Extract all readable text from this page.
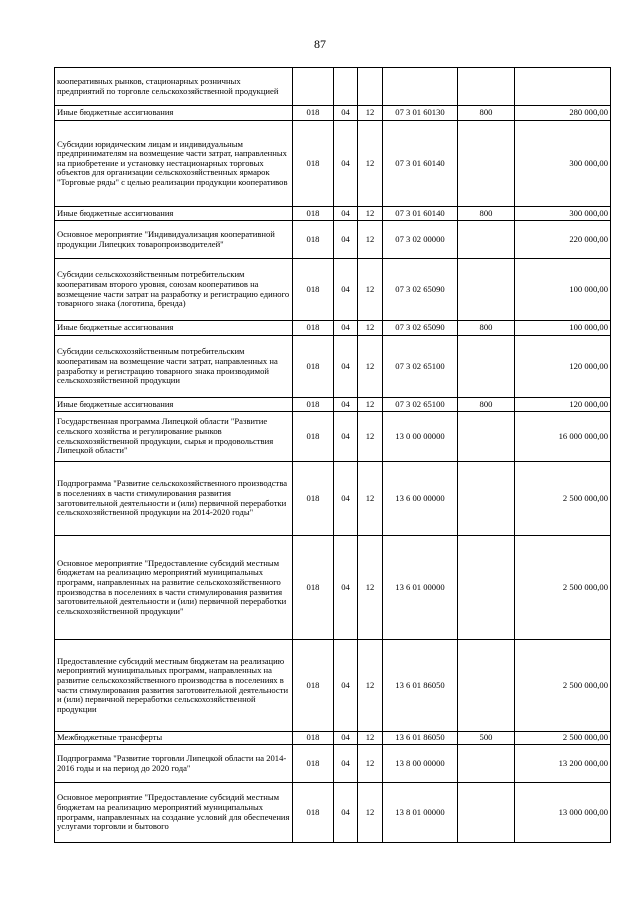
87
кооперативных рынков, стационарных розничных предприятий по торговле сельскохозяйственной продукцией						
Иные бюджетные ассигнования	018	04	12	07 3 01 60130	800	280 000,00
Субсидии юридическим лицам и индивидуальным предпринимателям на возмещение части затрат, направленных на приобретение и установку нестационарных торговых объектов для организации сельскохозяйственных ярмарок "Торговые ряды" с целью реализации продукции кооперативов	018	04	12	07 3 01 60140		300 000,00
Иные бюджетные ассигнования	018	04	12	07 3 01 60140	800	300 000,00
Основное мероприятие "Индивидуализация кооперативной продукции Липецких товаропроизводителей"	018	04	12	07 3 02 00000		220 000,00
Субсидии сельскохозяйственным потребительским кооперативам второго уровня, союзам кооперативов на возмещение части затрат на разработку и регистрацию единого товарного знака (логотипа, бренда)	018	04	12	07 3 02 65090		100 000,00
Иные бюджетные ассигнования	018	04	12	07 3 02 65090	800	100 000,00
Субсидии сельскохозяйственным потребительским кооперативам на возмещение части затрат, направленных на разработку и регистрацию товарного знака производимой сельскохозяйственной продукции	018	04	12	07 3 02 65100		120 000,00
Иные бюджетные ассигнования	018	04	12	07 3 02 65100	800	120 000,00
Государственная программа Липецкой области "Развитие сельского хозяйства и регулирование рынков сельскохозяйственной продукции, сырья и продовольствия Липецкой области"	018	04	12	13 0 00 00000		16 000 000,00
Подпрограмма "Развитие сельскохозяйственного производства в поселениях в части стимулирования развития заготовительной деятельности и (или) первичной переработки сельскохозяйственной продукции на 2014-2020 годы"	018	04	12	13 6 00 00000		2 500 000,00
Основное мероприятие "Предоставление субсидий местным бюджетам на реализацию мероприятий муниципальных программ, направленных на развитие сельскохозяйственного производства в поселениях в части стимулирования развития заготовительной деятельности и (или) первичной переработки сельскохозяйственной продукции"	018	04	12	13 6 01 00000		2 500 000,00
Предоставление субсидий местным бюджетам на реализацию мероприятий муниципальных программ, направленных на развитие сельскохозяйственного производства в поселениях в части стимулирования развития заготовительной деятельности и (или) первичной переработки сельскохозяйственной продукции	018	04	12	13 6 01 86050		2 500 000,00
Межбюджетные трансферты	018	04	12	13 6 01 86050	500	2 500 000,00
Подпрограмма "Развитие торговли Липецкой области на 2014-2016 годы и на период до 2020 года"	018	04	12	13 8 00 00000		13 200 000,00
Основное мероприятие "Предоставление субсидий местным бюджетам на реализацию мероприятий муниципальных программ, направленных на создание условий для обеспечения услугами торговли и бытового	018	04	12	13 8 01 00000		13 000 000,00
